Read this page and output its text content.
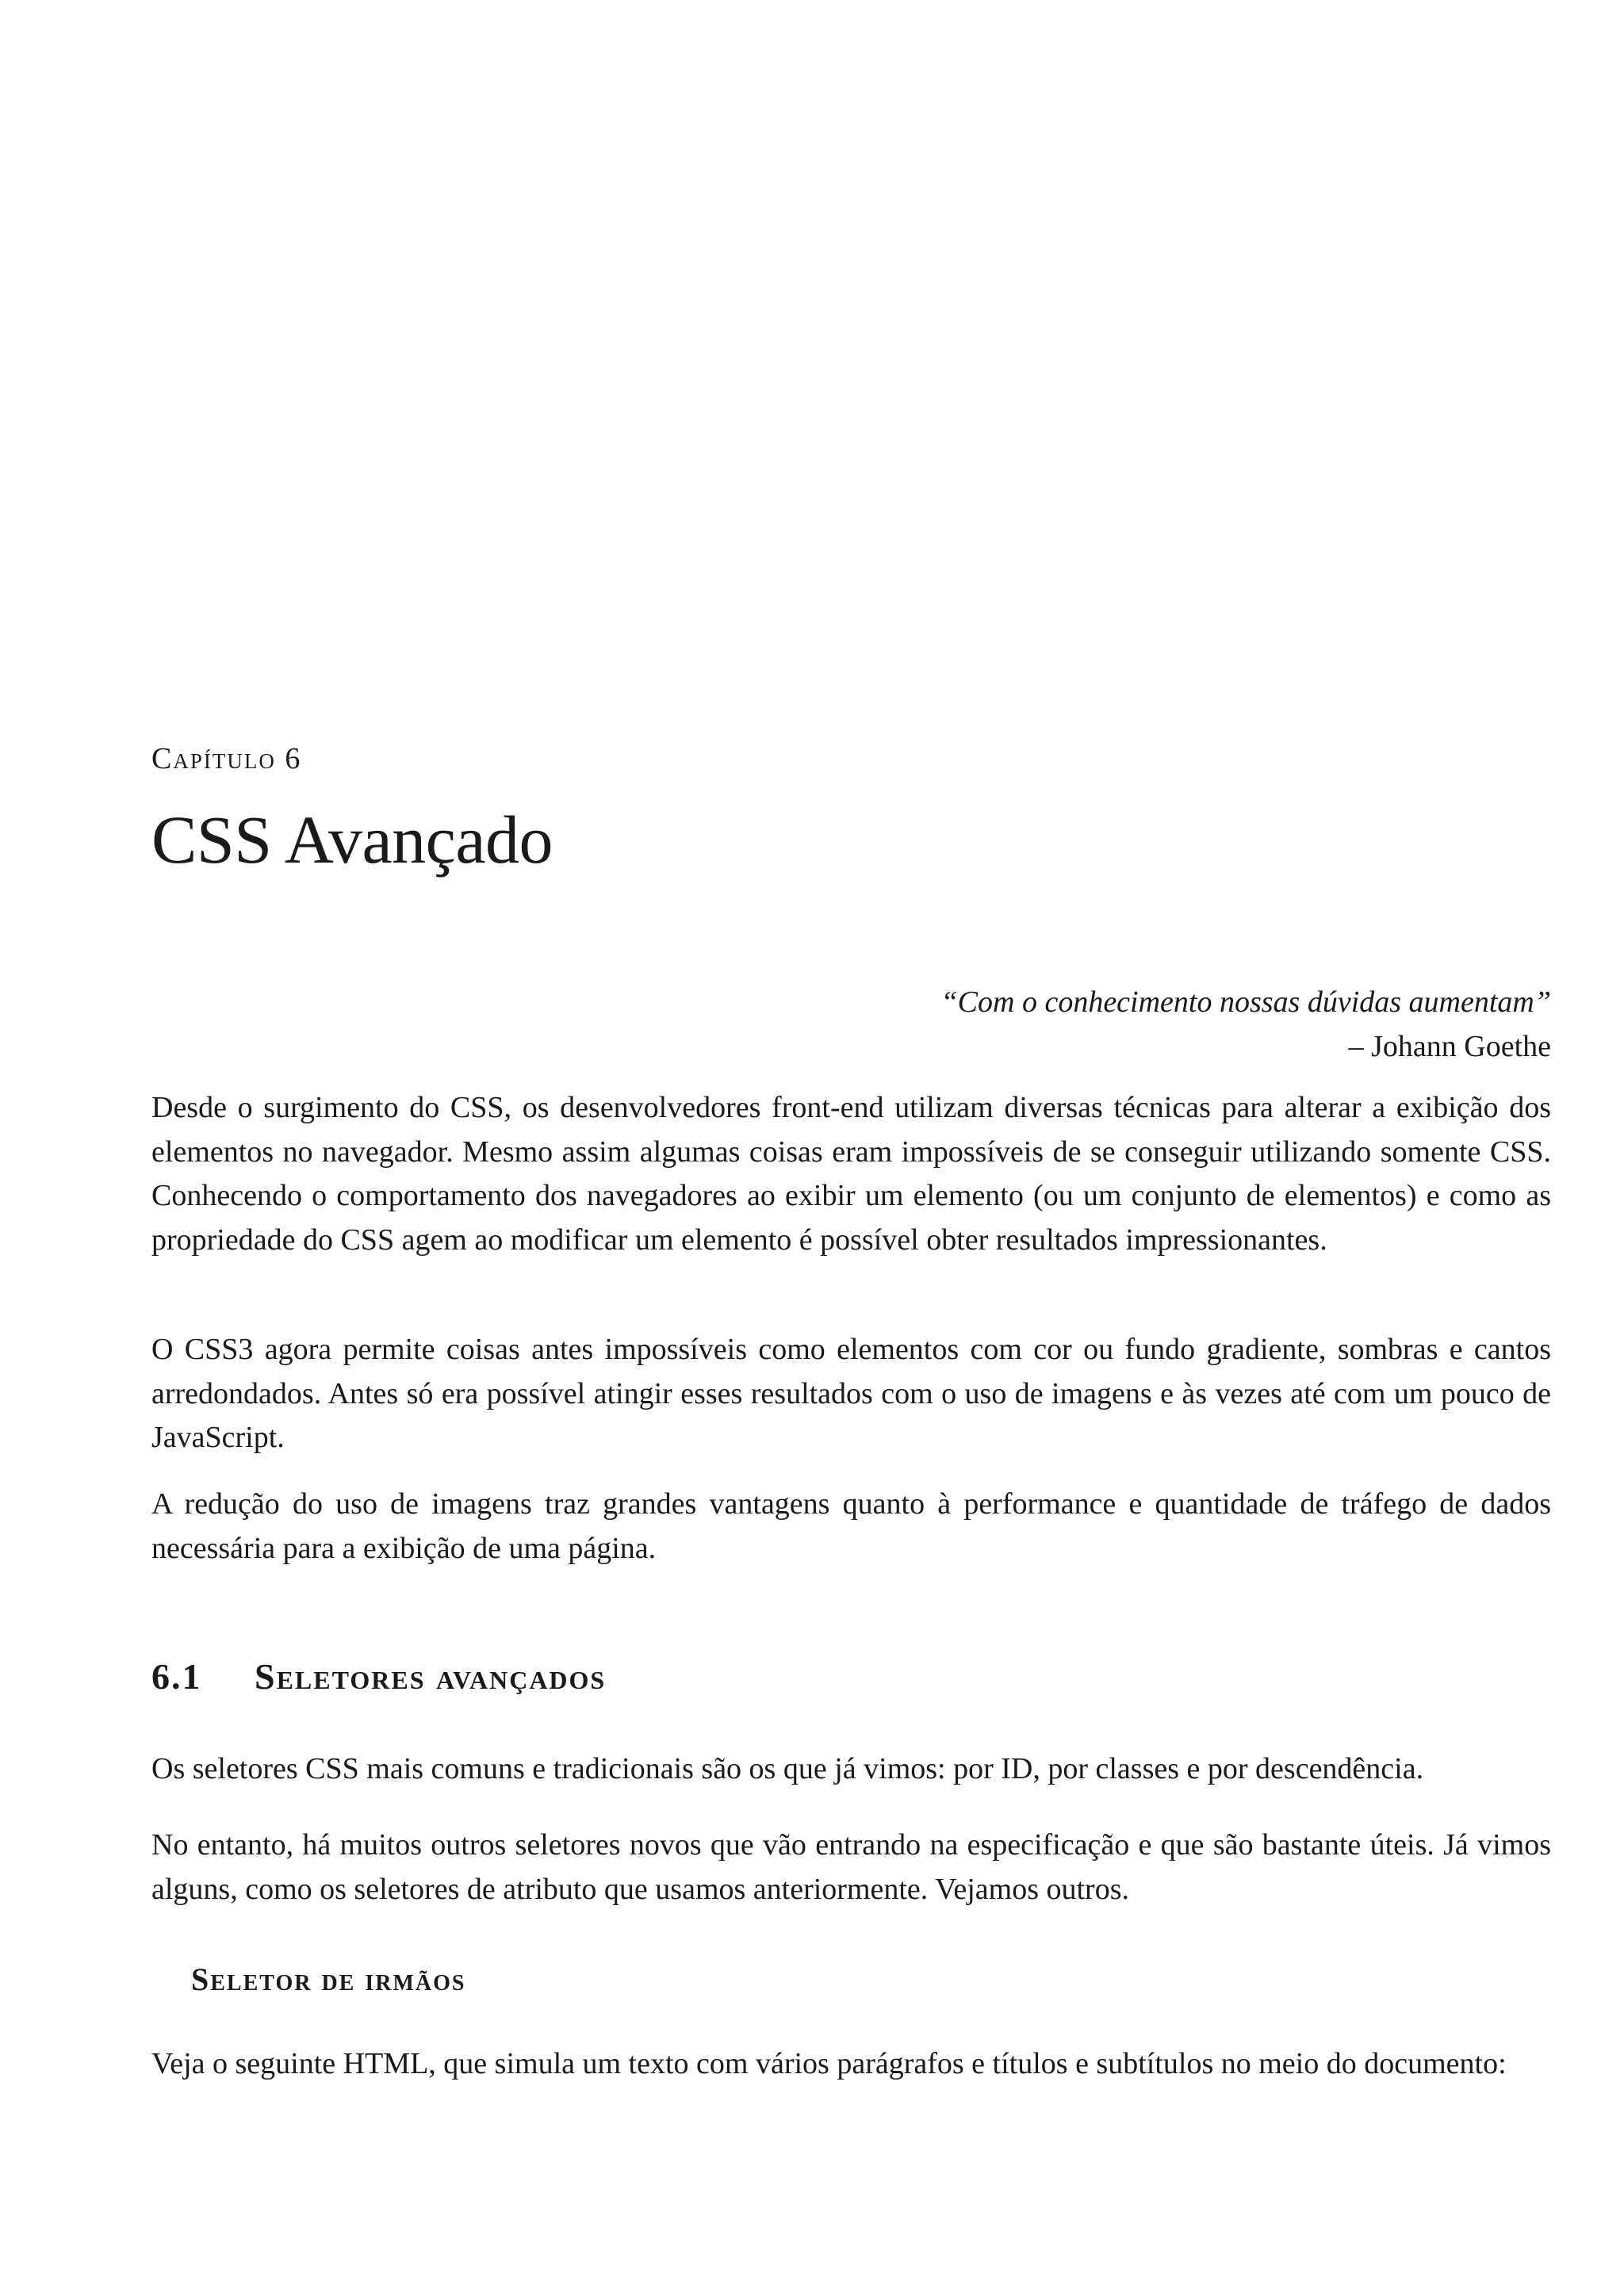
Capítulo 6
CSS Avançado
“Com o conhecimento nossas dúvidas aumentam”
– Johann Goethe

Desde o surgimento do CSS, os desenvolvedores front-end utilizam diversas técnicas para alterar a exibição dos elementos no navegador. Mesmo assim algumas coisas eram impossíveis de se conseguir utilizando somente CSS. Conhecendo o comportamento dos navegadores ao exibir um elemento (ou um conjunto de elementos) e como as propriedade do CSS agem ao modificar um elemento é possível obter resultados impressionantes.

O CSS3 agora permite coisas antes impossíveis como elementos com cor ou fundo gradiente, sombras e cantos arredondados. Antes só era possível atingir esses resultados com o uso de imagens e às vezes até com um pouco de JavaScript.

A redução do uso de imagens traz grandes vantagens quanto à performance e quantidade de tráfego de dados necessária para a exibição de uma página.

6.1 Seletores avançados

Os seletores CSS mais comuns e tradicionais são os que já vimos: por ID, por classes e por descendência.

No entanto, há muitos outros seletores novos que vão entrando na especificação e que são bastante úteis. Já vimos alguns, como os seletores de atributo que usamos anteriormente. Vejamos outros.

Seletor de irmãos

Veja o seguinte HTML, que simula um texto com vários parágrafos e títulos e subtítulos no meio do documento:
